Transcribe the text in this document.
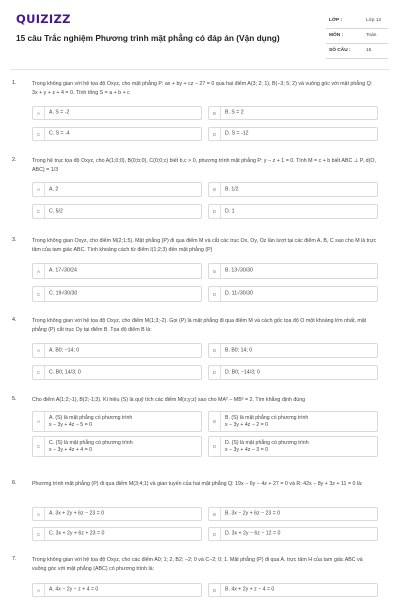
QUIZIZZ
15 câu Trắc nghiệm Phương trình mặt phẳng có đáp án (Vận dụng)
LỚP :	Lớp 12
MÔN :	Toán
SỐ CÂU :	15
1.	Trong không gian với hệ tọa độ Oxyz, cho mặt phẳng P: ax + by + cz − 27 = 0 qua hai điểm A(3; 2; 1), B(−3; 5; 2) và vuông góc với mặt phẳng Q: 3x + y + z + 4 = 0. Tính tổng S = a + b + c
A	A. S = -2	B	B. S = 2
C	C. S = -4	D	D. S = -12
2.	Trong hệ trục tọa độ Oxyz, cho A(1;0;0), B(0;b;0), C(0;0;c) biết b,c > 0, phương trình mặt phẳng P: y − z + 1 = 0. Tính M = c + b biết ABC ⊥ P, d(O, ABC) = 1/3
A	A. 2	B	B. 1/2
C	C. 5/2	D	D. 1
3.	Trong không gian Oxyz, cho điểm M(2;1;5). Mặt phẳng (P) đi qua điểm M và cắt các trục Ox, Oy, Oz lần lượt tại các điểm A, B, C sao cho M là trực tâm của tam giác ABC. Tính khoảng cách từ điểm I(1;2;3) đến mặt phẳng (P)
A	A. 17√30/24	B	B. 13√30/30
C	C. 19√30/30	D	D. 11√30/30
4.	Trong không gian với hệ tọa độ Oxyz, cho điểm M(1;3;-2). Gọi (P) là mặt phẳng đi qua điểm M và cách gốc tọa độ O một khoảng lớn nhất, mặt phẳng (P) cắt trục Oy tại điểm B. Tọa độ điểm B là:
A	A. B0; −14; 0	B	B. B0; 14; 0
C	C. B0; 14/3; 0	D	D. B0; −14/3; 0
5.	Cho điểm A(1;2;-1), B(2;-1;3). Kí hiệu (S) là quỹ tích các điểm M(x;y;z) sao cho MA² − MB² = 2. Tìm khẳng định đúng
A
A. (S) là mặt phẳng có phương trình
x − 3y + 4z − 5 = 0	B
B. (S) là mặt phẳng có phương trình
x − 3y + 4z − 2 = 0
C
C. (S) là mặt phẳng có phương trình
x − 3y + 4z + 4 = 0	D
D. (S) là mặt phẳng có phương trình
x − 3y + 4z − 3 = 0
6.	Phương trình mặt phẳng (P) đi qua điểm M(3;4;1) và giao tuyến của hai mặt phẳng Q: 19x − 6y − 4z + 27 = 0 và R: 42x − 8y + 3z + 11 = 0 là:
A	A. 3x + 2y + 6z − 23 = 0	B	B. 3x − 2y + 6z − 23 = 0
C	C. 3x + 2y + 6z + 23 = 0	D	D. 3x + 2y − 6z − 12 = 0
7.	Trong không gian với hệ tọa độ Oxyz, cho các điểm A0; 1; 2, B2; −2; 0 và C−2; 0; 1. Mặt phẳng (P) đi qua A, trực tâm H của tam giác ABC và vuông góc với mặt phẳng (ABC) có phương trình là:
A	A. 4x − 2y − z + 4 = 0	B	B. 4x + 2y + z − 4 = 0
